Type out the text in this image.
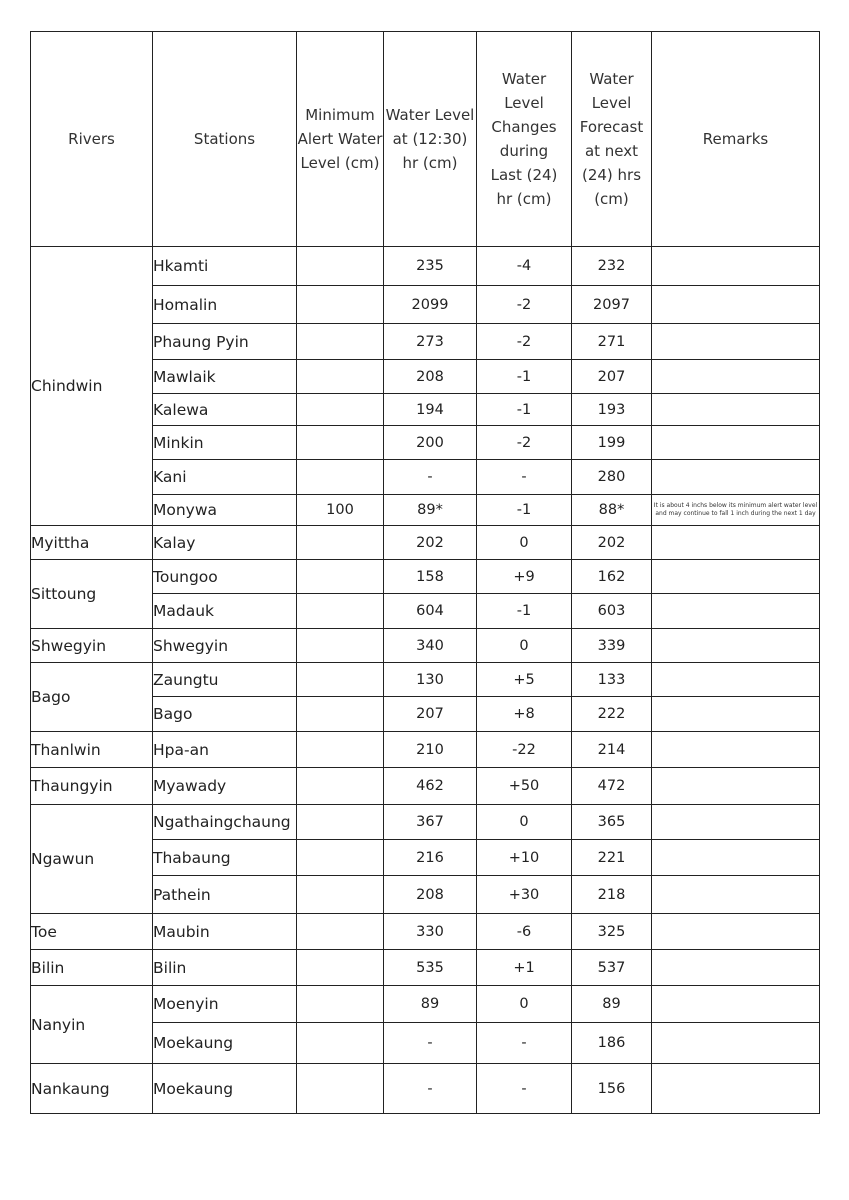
Rivers	Stations	Minimum Alert Water Level (cm)	Water Level at (12:30) hr (cm)	Water Level Changes during Last (24) hr (cm)	Water Level Forecast at next (24) hrs (cm)	Remarks
Chindwin	Hkamti		235	-4	232	
	Homalin		2099	-2	2097	
	Phaung Pyin		273	-2	271	
	Mawlaik		208	-1	207	
	Kalewa		194	-1	193	
	Minkin		200	-2	199	
	Kani		-	-	280	
	Monywa	100	89*	-1	88*	It is about 4 inchs below its minimum alert water level and may continue to fall 1 inch during the next 1 day
Myittha	Kalay		202	0	202	
Sittoung	Toungoo		158	+9	162	
	Madauk		604	-1	603	
Shwegyin	Shwegyin		340	0	339	
Bago	Zaungtu		130	+5	133	
	Bago		207	+8	222	
Thanlwin	Hpa-an		210	-22	214	
Thaungyin	Myawady		462	+50	472	
Ngawun	Ngathaingchaung		367	0	365	
	Thabaung		216	+10	221	
	Pathein		208	+30	218	
Toe	Maubin		330	-6	325	
Bilin	Bilin		535	+1	537	
Nanyin	Moenyin		89	0	89	
	Moekaung		-	-	186	
Nankaung	Moekaung		-	-	156	
